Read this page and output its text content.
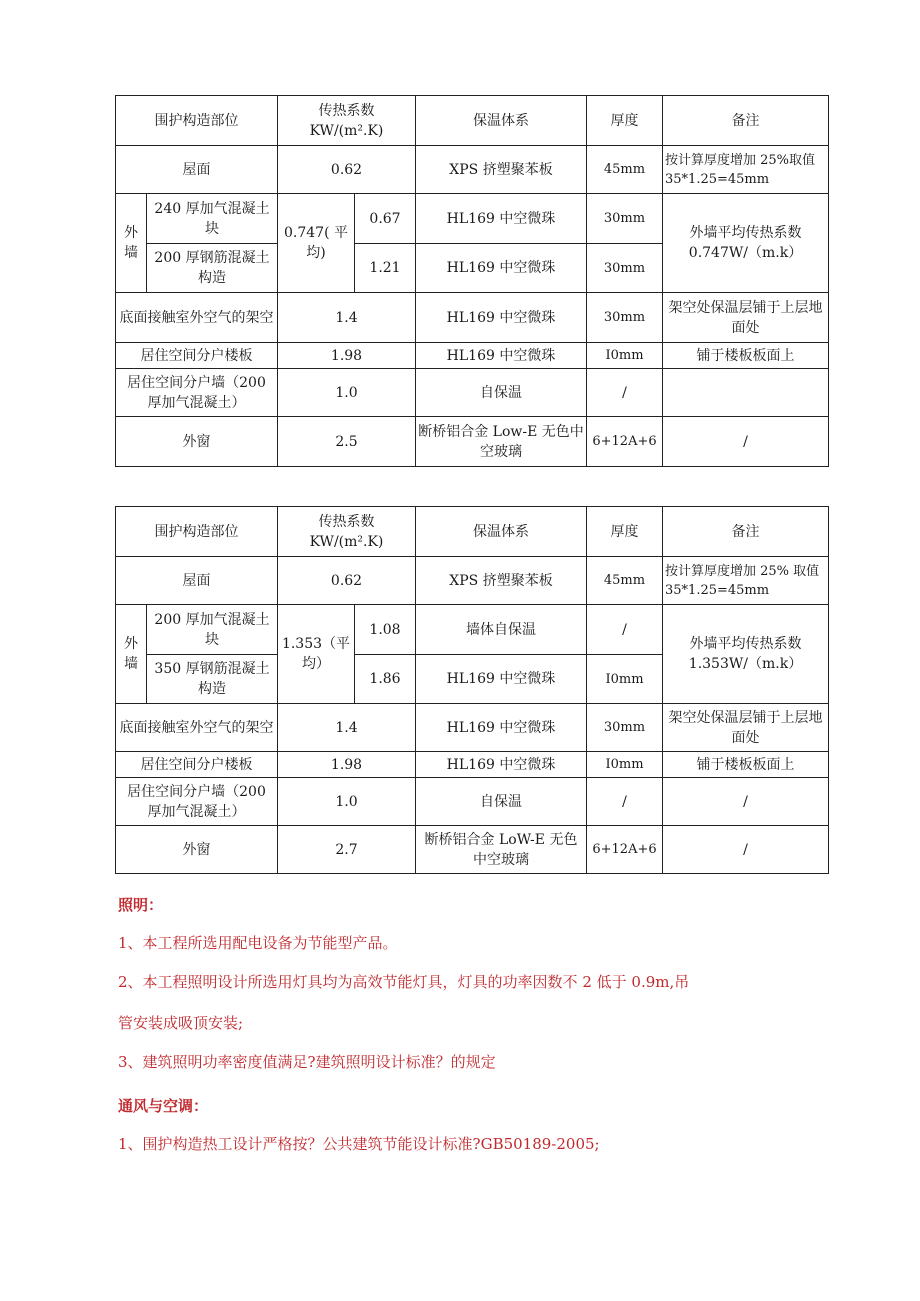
围护构造部位		传热系数 KW/(m².K)		保温体系	厚度	备注
屋面		0.62		XPS 挤塑聚苯板	45mm	按计算厚度增加 25%取值 35*1.25=45mm
外墙	240 厚加气混凝土块	0.747( 平均)	0.67	HL169 中空微珠	30mm	外墙平均传热系数 0.747W/（m.k）
	200 厚钢筋混凝土构造		1.21	HL169 中空微珠	30mm	
底面接触室外空气的架空		1.4		HL169 中空微珠	30mm	架空处保温层铺于上层地面处
居住空间分户楼板		1.98		HL169 中空微珠	I0mm	铺于楼板板面上
居住空间分户墙（200 厚加气混凝土）		1.0		自保温	/	
外窗		2.5		断桥铝合金 Low-E 无色中空玻璃	6+12A+6	/
围护构造部位		传热系数 KW/(m².K)		保温体系	厚度	备注
屋面		0.62		XPS 挤塑聚苯板	45mm	按计算厚度增加 25% 取值 35*1.25=45mm
外墙	200 厚加气混凝土块	1.353（平均）	1.08	墙体自保温	/	外墙平均传热系数 1.353W/（m.k）
	350 厚钢筋混凝土构造		1.86	HL169 中空微珠	I0mm	
底面接触室外空气的架空		1.4		HL169 中空微珠	30mm	架空处保温层铺于上层地面处
居住空间分户楼板		1.98		HL169 中空微珠	I0mm	铺于楼板板面上
居住空间分户墙（200 厚加气混凝土）		1.0		自保温	/	/
外窗		2.7		断桥铝合金 LoW-E 无色中空玻璃	6+12A+6	/
照明：
1、本工程所选用配电设备为节能型产品。
2、本工程照明设计所选用灯具均为高效节能灯具，灯具的功率因数不 2 低于 0.9m,吊
管安装成吸顶安装;
3、建筑照明功率密度值满足?建筑照明设计标准？的规定
通风与空调：
1、围护构造热工设计严格按？公共建筑节能设计标准?GB50189-2005;
